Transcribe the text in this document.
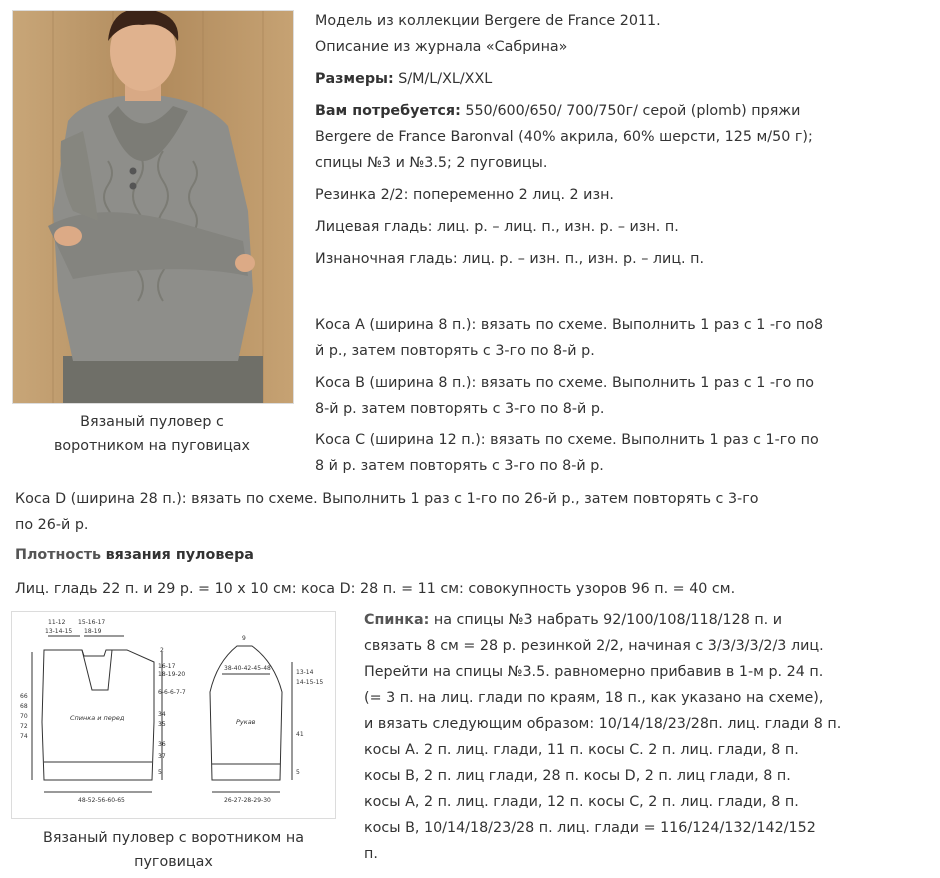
Вязаный пуловер с
воротником на пуговицах
Модель из коллекции Bergere de France 2011.
Описание из журнала «Сабрина»
Размеры: S/M/L/XL/XXL
Вам потребуется: 550/600/650/ 700/750г/ серой (plomb) пряжи
Bergere de France Baronval (40% акрила, 60% шерсти, 125 м/50 г);
спицы №3 и №3.5; 2 пуговицы.
Резинка 2/2: попеременно 2 лиц. 2 изн.
Лицевая гладь: лиц. р. – лиц. п., изн. р. – изн. п.
Изнаночная гладь: лиц. р. – изн. п., изн. р. – лиц. п.
Коса А (ширина 8 п.): вязать по схеме. Выполнить 1 раз с 1 -го по8
й р., затем повторять с 3-го по 8-й р.
Коса В (ширина 8 п.): вязать по схеме. Выполнить 1 раз с 1 -го по
8-й р. затем повторять с 3-го по 8-й р.
Коса С (ширина 12 п.): вязать по схеме. Выполнить 1 раз с 1-го по
8 й р. затем повторять с 3-го по 8-й р.
Коса D (ширина 28 п.): вязать по схеме. Выполнить 1 раз с 1-го по 26-й р., затем повторять с 3-го
по 26-й р.
Плотность вязания пуловера
Лиц. гладь 22 п. и 29 р. = 10 х 10 см: коса D: 28 п. = 11 см: совокупность узоров 96 п. = 40 см.
11-12
13-14-15
15-16-17
18-19
2
16-17
18-19-20
6-6-6-7-7
34
35
36
37
5
66
68
70
72
74
Спинка и перед
48-52-56-60-65
9
38-40-42-45-48
13-14
14-15-15
41
5
Рукав
26-27-28-29-30
Вязаный пуловер с воротником на
пуговицах
Спинка: на спицы №3 набрать 92/100/108/118/128 п. и
связать 8 см = 28 р. резинкой 2/2, начиная с 3/3/3/3/2/3 лиц.
Перейти на спицы №3.5. равномерно прибавив в 1-м р. 24 п.
(= 3 п. на лиц. глади по краям, 18 п., как указано на схеме),
и вязать следующим образом: 10/14/18/23/28п. лиц. глади 8 п.
косы А. 2 п. лиц. глади, 11 п. косы С. 2 п. лиц. глади, 8 п.
косы В, 2 п. лиц глади, 28 п. косы D, 2 п. лиц глади, 8 п.
косы А, 2 п. лиц. глади, 12 п. косы С, 2 п. лиц. глади, 8 п.
косы В, 10/14/18/23/28 п. лиц. глади = 116/124/132/142/152
п.
